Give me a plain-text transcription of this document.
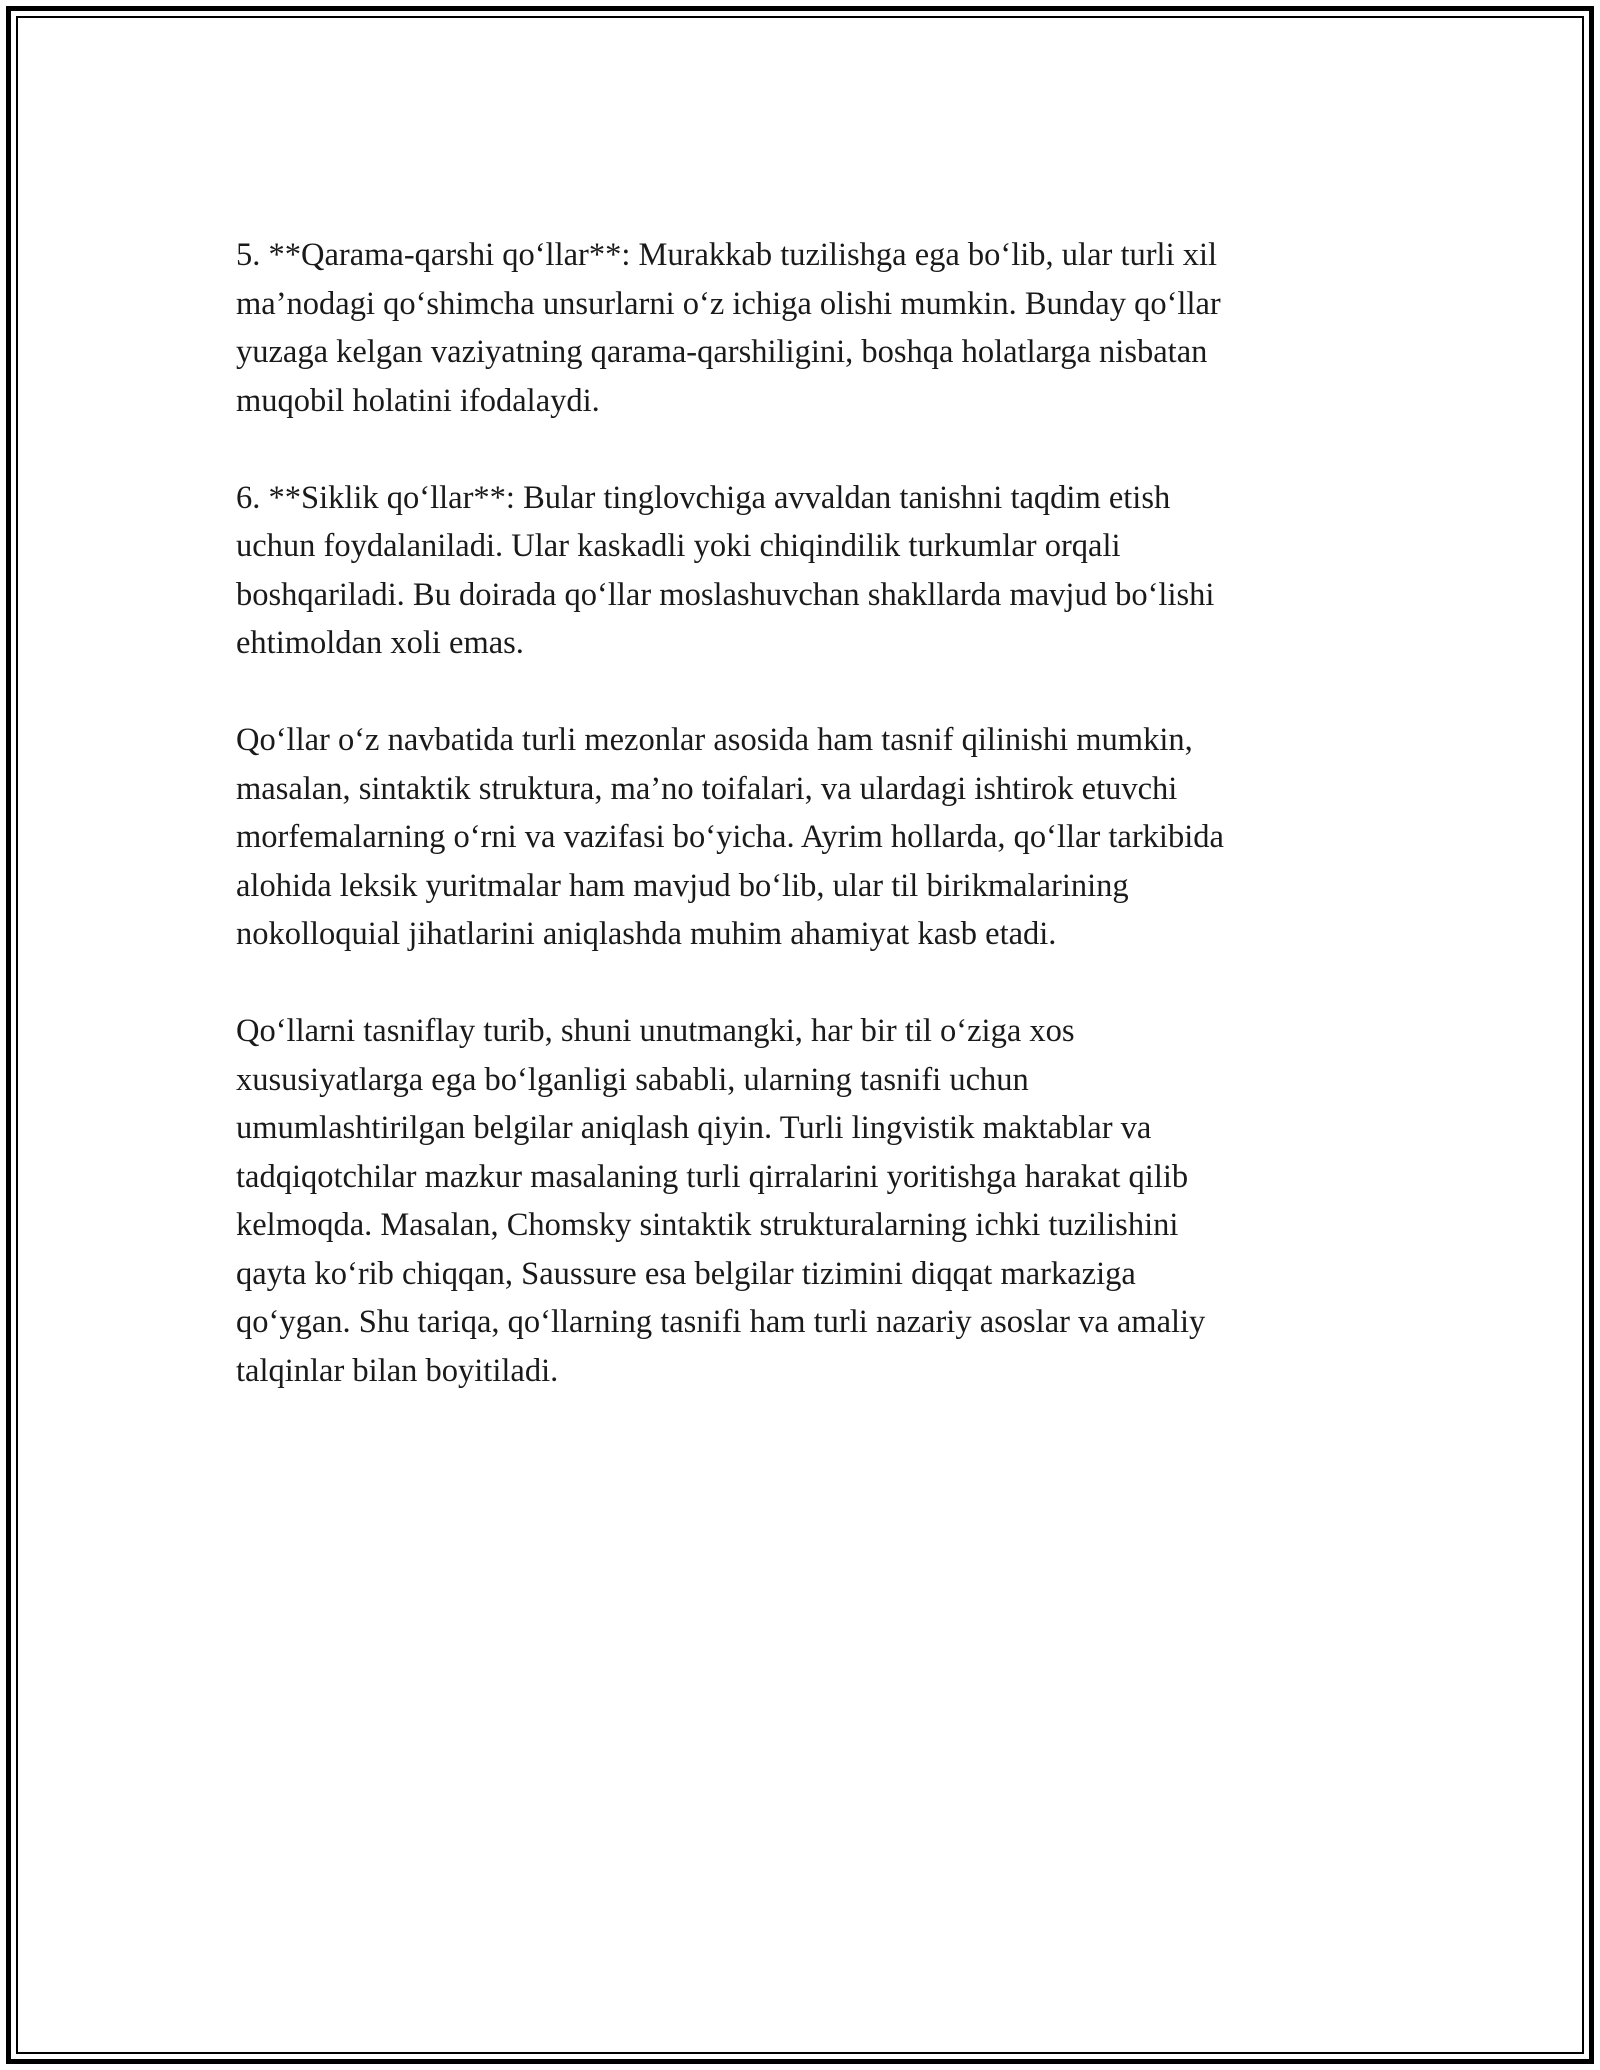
5. **Qarama-qarshi qo‘llar**: Murakkab tuzilishga ega bo‘lib, ular turli xil
ma’nodagi qo‘shimcha unsurlarni o‘z ichiga olishi mumkin. Bunday qo‘llar
yuzaga kelgan vaziyatning qarama-qarshiligini, boshqa holatlarga nisbatan
muqobil holatini ifodalaydi.

6. **Siklik qo‘llar**: Bular tinglovchiga avvaldan tanishni taqdim etish
uchun foydalaniladi. Ular kaskadli yoki chiqindilik turkumlar orqali
boshqariladi. Bu doirada qo‘llar moslashuvchan shakllarda mavjud bo‘lishi
ehtimoldan xoli emas.

Qo‘llar o‘z navbatida turli mezonlar asosida ham tasnif qilinishi mumkin,
masalan, sintaktik struktura, ma’no toifalari, va ulardagi ishtirok etuvchi
morfemalarning o‘rni va vazifasi bo‘yicha. Ayrim hollarda, qo‘llar tarkibida
alohida leksik yuritmalar ham mavjud bo‘lib, ular til birikmalarining
nokolloquial jihatlarini aniqlashda muhim ahamiyat kasb etadi.

Qo‘llarni tasniflay turib, shuni unutmangki, har bir til o‘ziga xos
xususiyatlarga ega bo‘lganligi sababli, ularning tasnifi uchun
umumlashtirilgan belgilar aniqlash qiyin. Turli lingvistik maktablar va
tadqiqotchilar mazkur masalaning turli qirralarini yoritishga harakat qilib
kelmoqda. Masalan, Chomsky sintaktik strukturalarning ichki tuzilishini
qayta ko‘rib chiqqan, Saussure esa belgilar tizimini diqqat markaziga
qo‘ygan. Shu tariqa, qo‘llarning tasnifi ham turli nazariy asoslar va amaliy
talqinlar bilan boyitiladi.
